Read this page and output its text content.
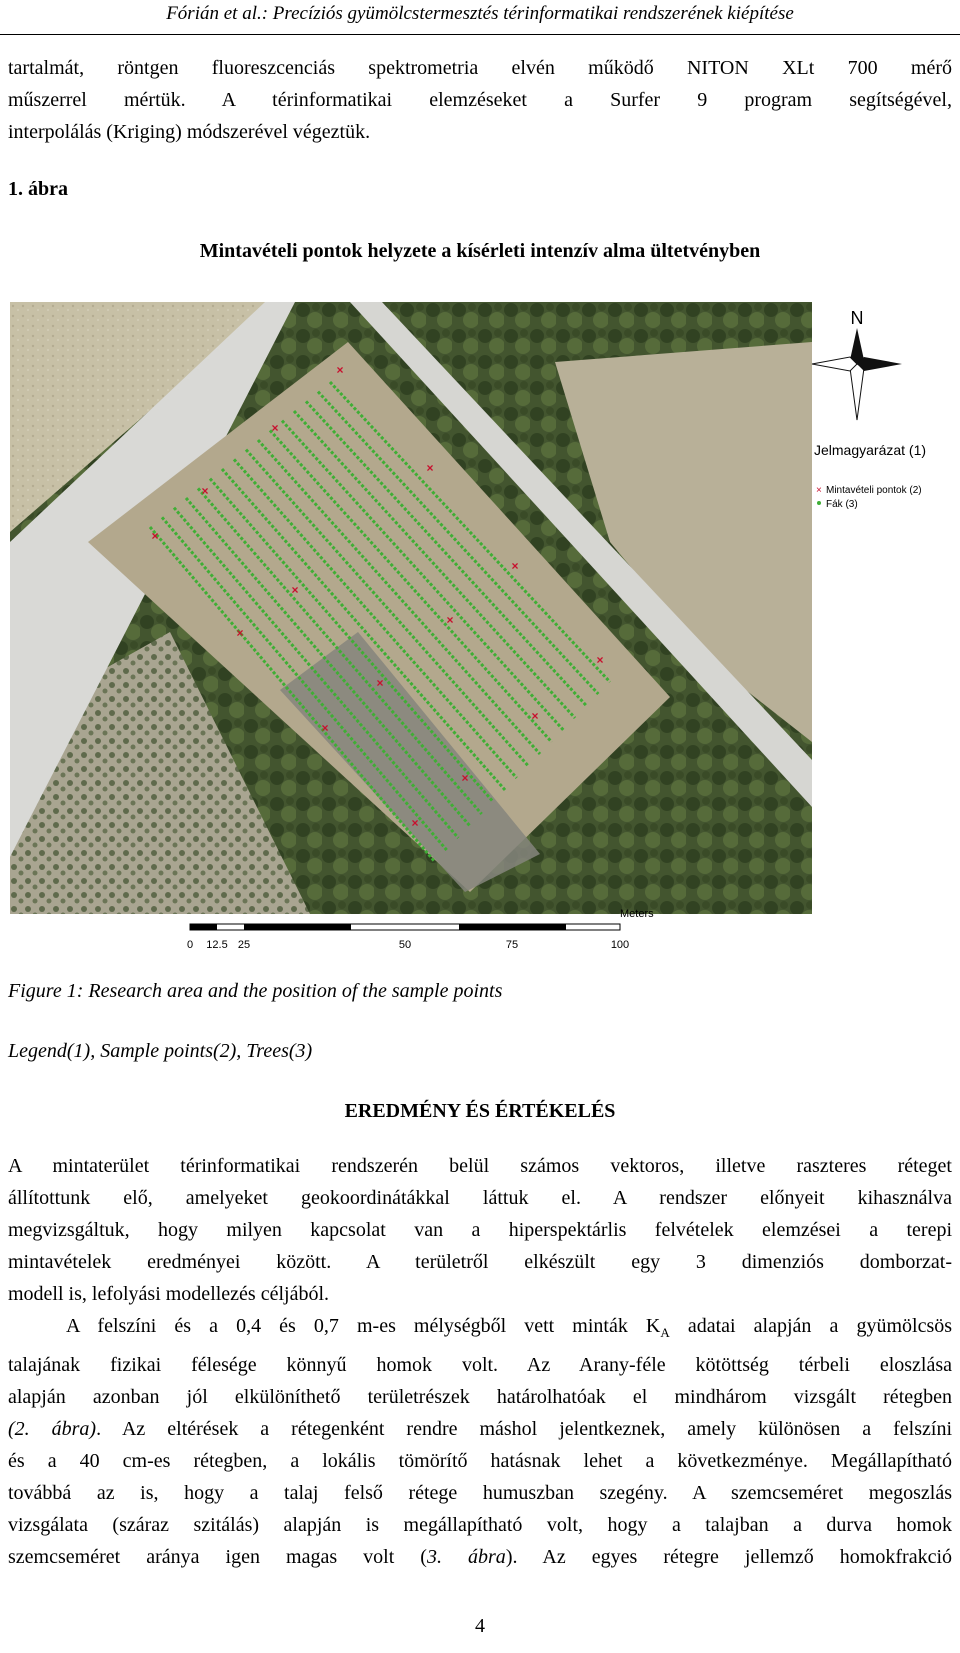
Fórián et al.: Precíziós gyümölcstermesztés térinformatikai rendszerének kiépítése
tartalmát, röntgen fluoreszcenciás spektrometria elvén működő NITON XLt 700 mérő
műszerrel mértük. A térinformatikai elemzéseket a Surfer 9 program segítségével,
interpolálás (Kriging) módszerével végeztük.
1. ábra
Mintavételi pontok helyzete a kísérleti intenzív alma ültetvényben
×
×
×
×
×
×
×
×
×
×
×
×
×
×
×
N
Jelmagyarázat (1)
× Mintavételi pontok (2)
Fák (3)
0 12.5 25	50	75	100
Meters
Figure 1: Research area and the position of the sample points
Legend(1), Sample points(2), Trees(3)
EREDMÉNY ÉS ÉRTÉKELÉS
A mintaterület térinformatikai rendszerén belül számos vektoros, illetve raszteres réteget
állítottunk elő, amelyeket geokoordinátákkal láttuk el. A rendszer előnyeit kihasználva
megvizsgáltuk, hogy milyen kapcsolat van a hiperspektárlis felvételek elemzései a terepi
mintavételek eredményei között. A területről elkészült egy 3 dimenziós domborzat-
modell is, lefolyási modellezés céljából.
A felszíni és a 0,4 és 0,7 m-es mélységből vett minták $K_A$ adatai alapján a gyümölcsös
talajának fizikai félesége könnyű homok volt. Az Arany-féle kötöttség térbeli eloszlása
alapján azonban jól elkülöníthető területrészek határolhatóak el mindhárom vizsgált rétegben
(2. ábra). Az eltérések a rétegenként rendre máshol jelentkeznek, amely különösen a felszíni
és a 40 cm-es rétegben, a lokális tömörítő hatásnak lehet a következménye. Megállapítható
továbbá az is, hogy a talaj felső rétege humuszban szegény. A szemcseméret megoszlás
vizsgálata (száraz szitálás) alapján is megállapítható volt, hogy a talajban a durva homok
szemcseméret aránya igen magas volt (3. ábra). Az egyes rétegre jellemző homokfrakció
4
